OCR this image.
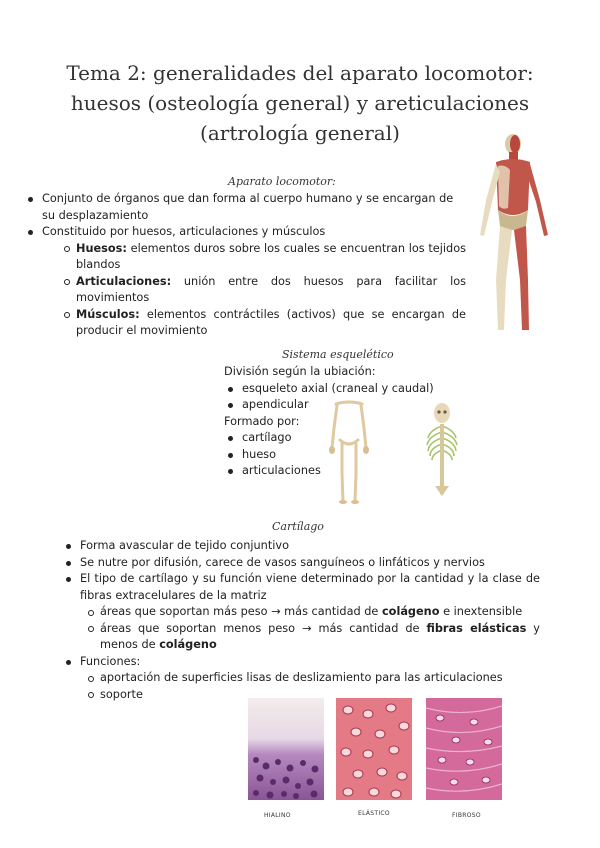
Tema 2: generalidades del aparato locomotor:
huesos (osteología general) y areticulaciones
(artrología general)
Aparato locomotor:
Conjunto de órganos que dan forma al cuerpo humano y se encargan de su desplazamiento
Constituido por huesos, articulaciones y músculos
Huesos: elementos duros sobre los cuales se encuentran los tejidos blandos
Articulaciones: unión entre dos huesos para facilitar los movimientos
Músculos: elementos contráctiles (activos) que se encargan de producir el movimiento
Sistema esquelético
División según la ubiación:
esqueleto axial (craneal y caudal)
apendicular
Formado por:
cartílago
hueso
articulaciones
Cartílago
Forma avascular de tejido conjuntivo
Se nutre por difusión, carece de vasos sanguíneos o linfáticos y nervios
El tipo de cartílago y su función viene determinado por la cantidad y la clase de fibras extracelulares de la matriz
áreas que soportan más peso → más cantidad de colágeno e inextensible
áreas que soportan menos peso → más cantidad de fibras elásticas y menos de colágeno
Funciones:
aportación de superficies lisas de deslizamiento para las articulaciones
soporte
HIALINO	ELÁSTICO	FIBROSO
